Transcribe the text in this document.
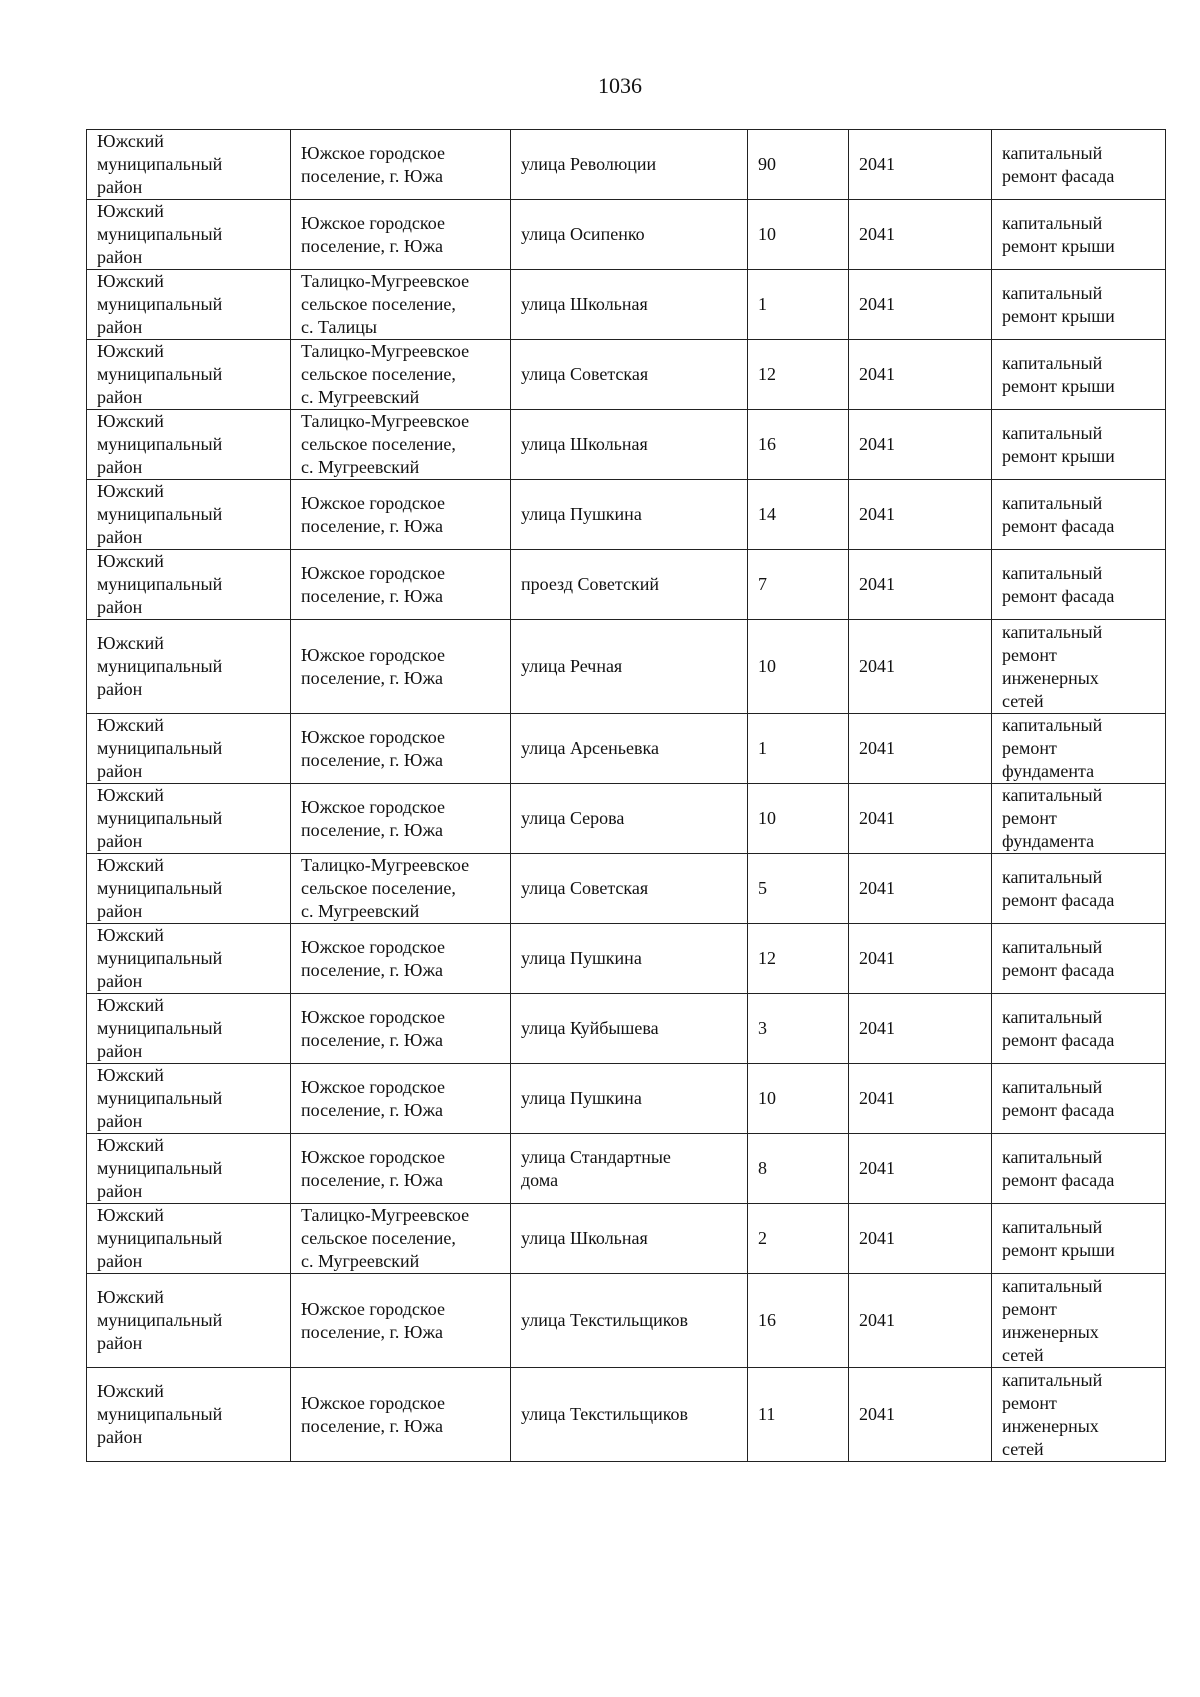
1036
Южский
муниципальный
район	Южское городское
поселение, г. Южа	улица Революции	90	2041	капитальный
ремонт фасада
Южский
муниципальный
район	Южское городское
поселение, г. Южа	улица Осипенко	10	2041	капитальный
ремонт крыши
Южский
муниципальный
район	Талицко-Мугреевское
сельское поселение,
с. Талицы	улица Школьная	1	2041	капитальный
ремонт крыши
Южский
муниципальный
район	Талицко-Мугреевское
сельское поселение,
с. Мугреевский	улица Советская	12	2041	капитальный
ремонт крыши
Южский
муниципальный
район	Талицко-Мугреевское
сельское поселение,
с. Мугреевский	улица Школьная	16	2041	капитальный
ремонт крыши
Южский
муниципальный
район	Южское городское
поселение, г. Южа	улица Пушкина	14	2041	капитальный
ремонт фасада
Южский
муниципальный
район	Южское городское
поселение, г. Южа	проезд Советский	7	2041	капитальный
ремонт фасада
Южский
муниципальный
район	Южское городское
поселение, г. Южа	улица Речная	10	2041	капитальный
ремонт
инженерных
сетей
Южский
муниципальный
район	Южское городское
поселение, г. Южа	улица Арсеньевка	1	2041	капитальный
ремонт
фундамента
Южский
муниципальный
район	Южское городское
поселение, г. Южа	улица Серова	10	2041	капитальный
ремонт
фундамента
Южский
муниципальный
район	Талицко-Мугреевское
сельское поселение,
с. Мугреевский	улица Советская	5	2041	капитальный
ремонт фасада
Южский
муниципальный
район	Южское городское
поселение, г. Южа	улица Пушкина	12	2041	капитальный
ремонт фасада
Южский
муниципальный
район	Южское городское
поселение, г. Южа	улица Куйбышева	3	2041	капитальный
ремонт фасада
Южский
муниципальный
район	Южское городское
поселение, г. Южа	улица Пушкина	10	2041	капитальный
ремонт фасада
Южский
муниципальный
район	Южское городское
поселение, г. Южа	улица Стандартные
дома	8	2041	капитальный
ремонт фасада
Южский
муниципальный
район	Талицко-Мугреевское
сельское поселение,
с. Мугреевский	улица Школьная	2	2041	капитальный
ремонт крыши
Южский
муниципальный
район	Южское городское
поселение, г. Южа	улица Текстильщиков	16	2041	капитальный
ремонт
инженерных
сетей
Южский
муниципальный
район	Южское городское
поселение, г. Южа	улица Текстильщиков	11	2041	капитальный
ремонт
инженерных
сетей
